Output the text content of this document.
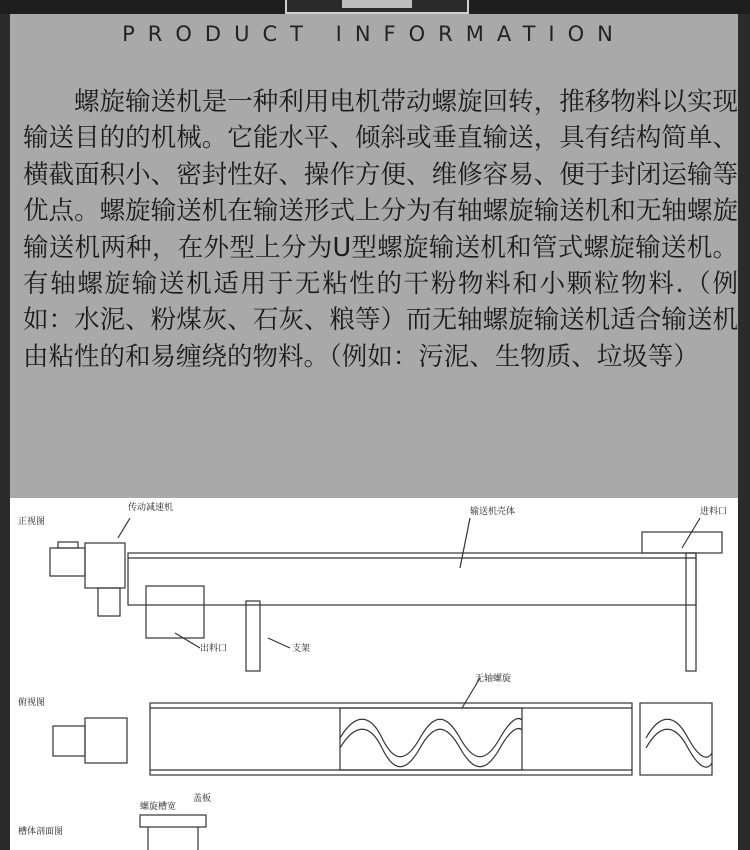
PRODUCT INFORMATION
螺旋输送机是一种利用电机带动螺旋回转，推移物料以实现输送目的的机械。它能水平、倾斜或垂直输送，具有结构简单、横截面积小、密封性好、操作方便、维修容易、便于封闭运输等优点。螺旋输送机在输送形式上分为有轴螺旋输送机和无轴螺旋输送机两种，在外型上分为U型螺旋输送机和管式螺旋输送机。有轴螺旋输送机适用于无粘性的干粉物料和小颗粒物料.（例如：水泥、粉煤灰、石灰、粮等）而无轴螺旋输送机适合输送机由粘性的和易缠绕的物料。（例如：污泥、生物质、垃圾等）
正视图
传动减速机	输送机壳体	进料口
出料口	支架
俯视图
无轴螺旋
螺旋槽宽
盖板
槽体剖面图
